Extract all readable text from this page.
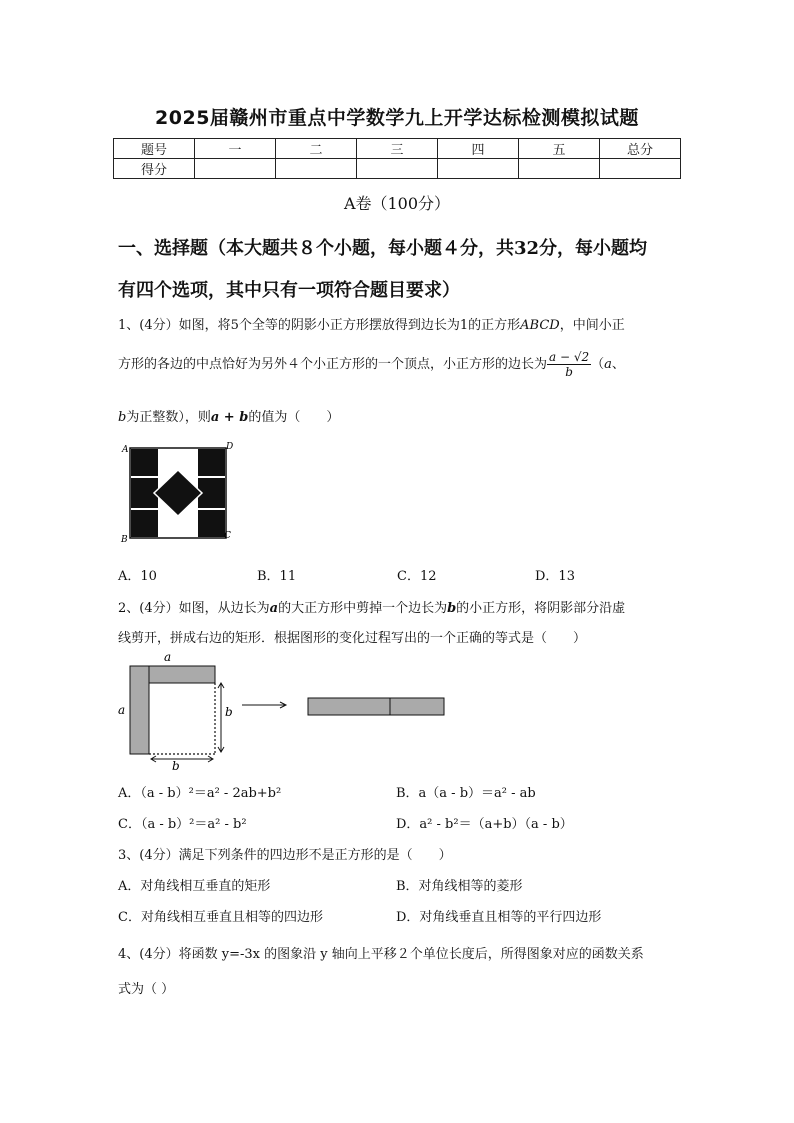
2025届赣州市重点中学数学九上开学达标检测模拟试题
题号	一	二	三	四	五	总分
得分						
A卷（100分）
一、选择题（本大题共８个小题，每小题４分，共32分，每小题均
有四个选项，其中只有一项符合题目要求）
1、(4分）如图，将5个全等的阴影小正方形摆放得到边长为1的正方形ABCD，中间小正
方形的各边的中点恰好为另外４个小正方形的一个顶点，小正方形的边长为 $\frac{a - √2}{b} (a$、
b为正整数），则a + b的值为（　　）
A	D
B	C
A．10	B．11	C．12	D．13
2、(4分）如图，从边长为a的大正方形中剪掉一个边长为b的小正方形，将阴影部分沿虚
线剪开，拼成右边的矩形．根据图形的变化过程写出的一个正确的等式是（　　）
a
a	b
b
A．（a - b）²＝a² - 2ab+b²	B．a（a - b）＝a² - ab
C．（a - b）²＝a² - b²	D．a² - b²＝（a+b）（a - b）
3、(4分）满足下列条件的四边形不是正方形的是（　　）
A．对角线相互垂直的矩形	B．对角线相等的菱形
C．对角线相互垂直且相等的四边形	D．对角线垂直且相等的平行四边形
4、(4分）将函数 y=-3x 的图象沿 y 轴向上平移２个单位长度后，所得图象对应的函数关系
式为（ ）
